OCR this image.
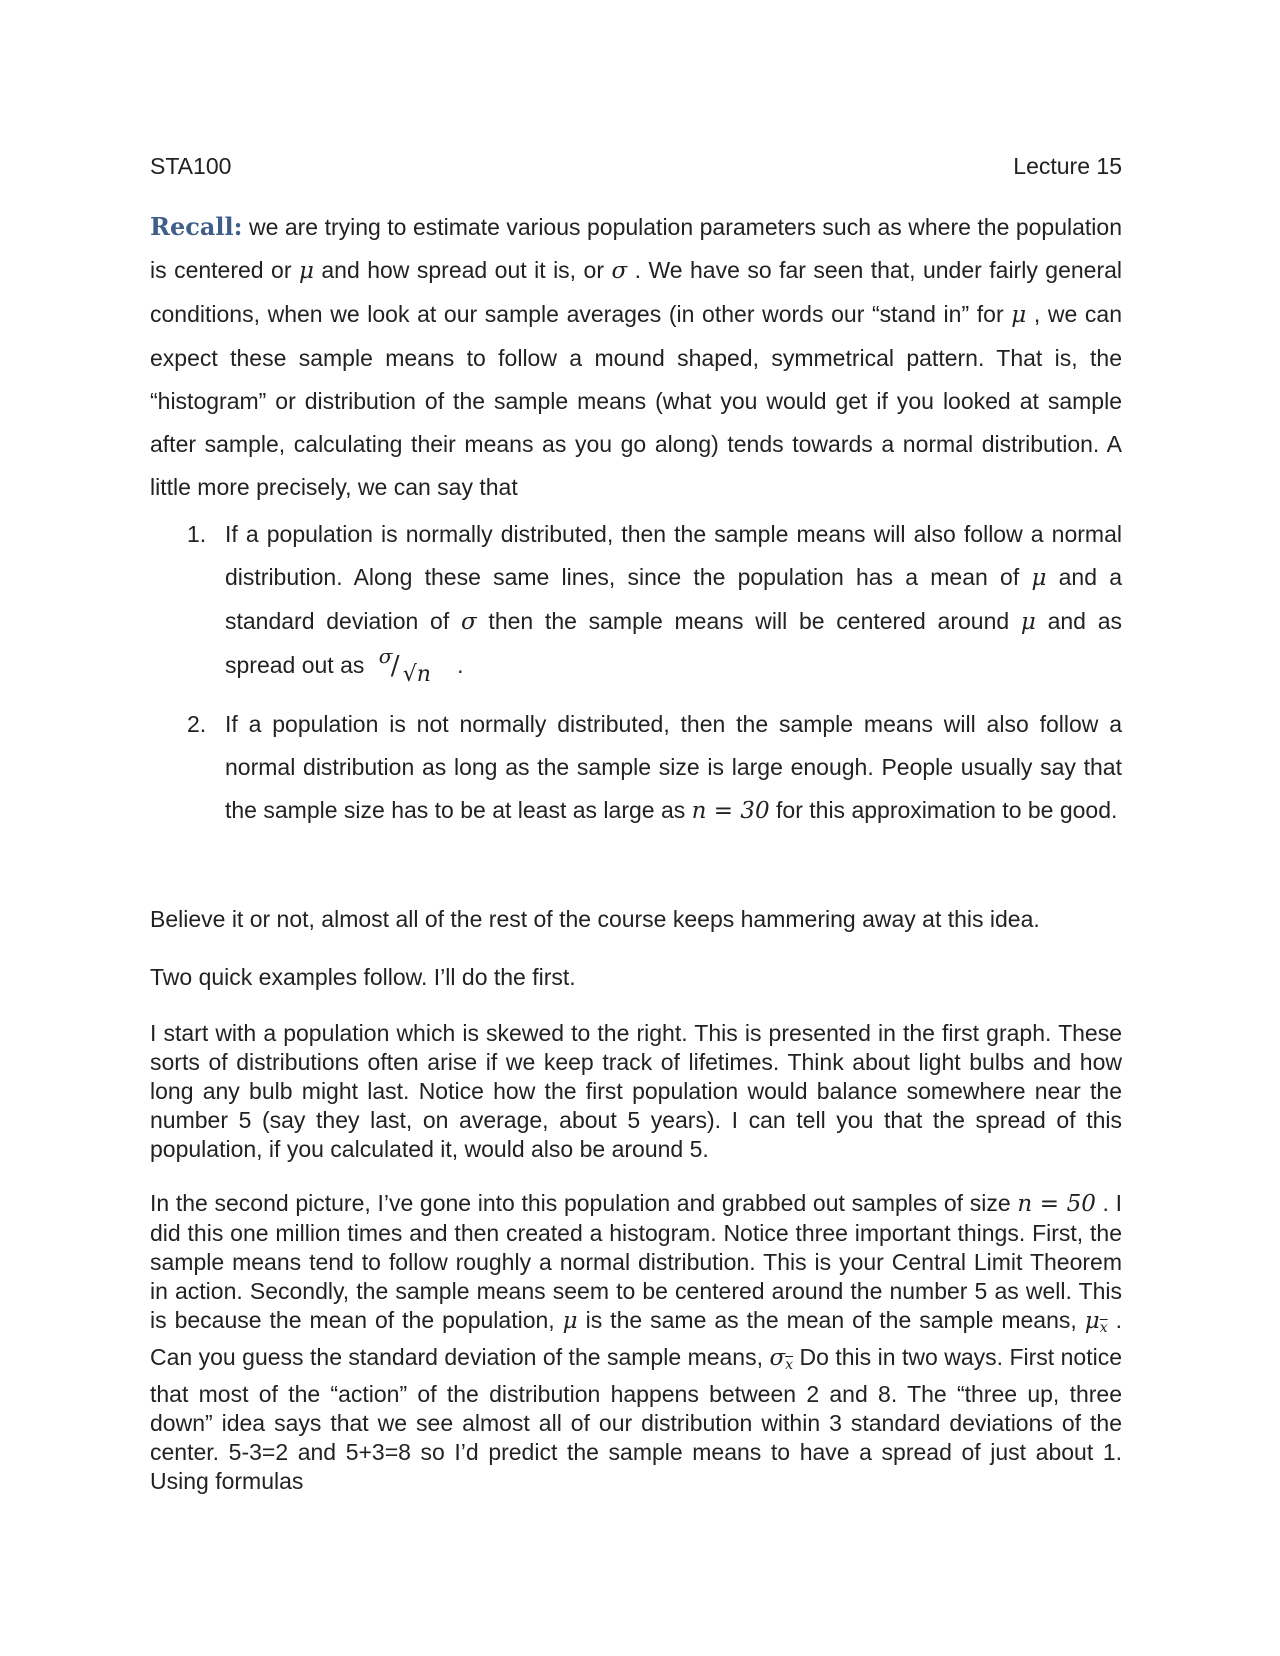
STA100	Lecture 15
Recall: we are trying to estimate various population parameters such as where the population is centered or μ and how spread out it is, or σ . We have so far seen that, under fairly general conditions, when we look at our sample averages (in other words our “stand in” for μ , we can expect these sample means to follow a mound shaped, symmetrical pattern. That is, the “histogram” or distribution of the sample means (what you would get if you looked at sample after sample, calculating their means as you go along) tends towards a normal distribution. A little more precisely, we can say that
1. If a population is normally distributed, then the sample means will also follow a normal distribution. Along these same lines, since the population has a mean of μ and a standard deviation of σ then the sample means will be centered around μ and as spread out as σ
/ √n .
2. If a population is not normally distributed, then the sample means will also follow a normal distribution as long as the sample size is large enough. People usually say that the sample size has to be at least as large as n = 30 for this approximation to be good.
Believe it or not, almost all of the rest of the course keeps hammering away at this idea.
Two quick examples follow. I’ll do the first.
I start with a population which is skewed to the right. This is presented in the first graph. These sorts of distributions often arise if we keep track of lifetimes. Think about light bulbs and how long any bulb might last. Notice how the first population would balance somewhere near the number 5 (say they last, on average, about 5 years). I can tell you that the spread of this population, if you calculated it, would also be around 5.
In the second picture, I’ve gone into this population and grabbed out samples of size n = 50 . I did this one million times and then created a histogram. Notice three important things. First, the sample means tend to follow roughly a normal distribution. This is your Central Limit Theorem in action. Secondly, the sample means seem to be centered around the number 5 as well. This is because the mean of the population, μ is the same as the mean of the sample means, $\mu_{\overline{x}}$ . Can you guess the standard deviation of the sample means, $\sigma_{\overline{x}}$ Do this in two ways. First notice that most of the “action” of the distribution happens between 2 and 8. The “three up, three down” idea says that we see almost all of our distribution within 3 standard deviations of the center. 5-3=2 and 5+3=8 so I’d predict the sample means to have a spread of just about 1. Using formulas
